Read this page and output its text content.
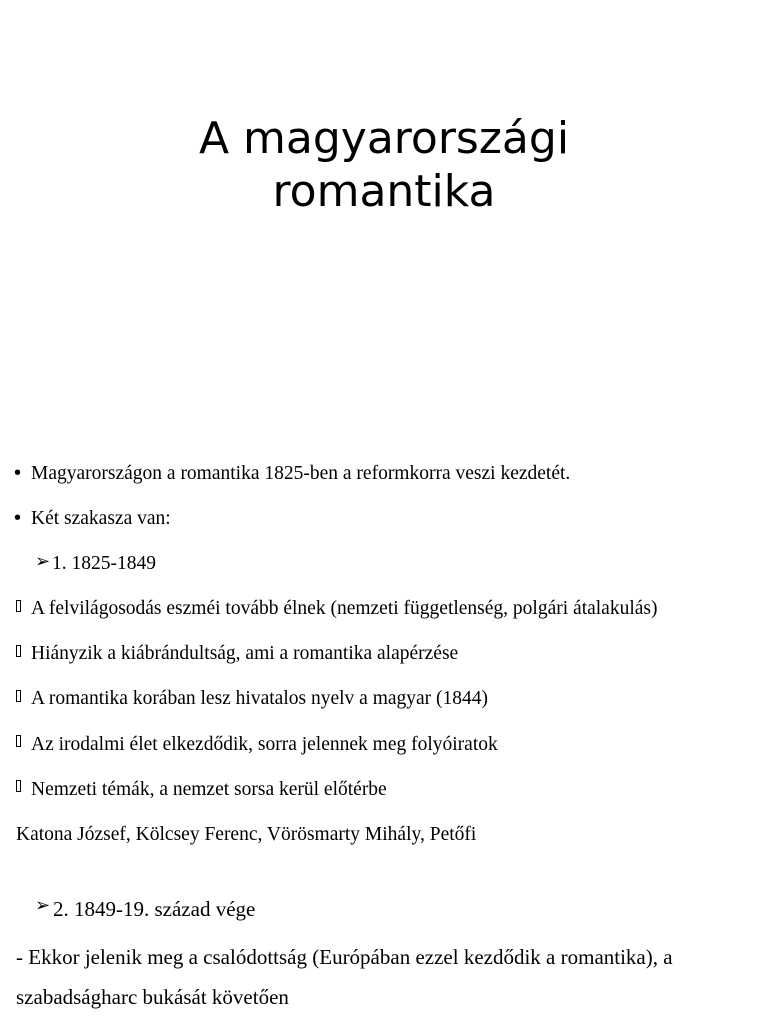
A magyarországi
romantika
• Magyarországon a romantika 1825-ben a reformkorra veszi kezdetét.
• Két szakasza van:
➢ 1. 1825-1849
A felvilágosodás eszméi tovább élnek (nemzeti függetlenség, polgári átalakulás)
Hiányzik a kiábrándultság, ami a romantika alapérzése
A romantika korában lesz hivatalos nyelv a magyar (1844)
Az irodalmi élet elkezdődik, sorra jelennek meg folyóiratok
Nemzeti témák, a nemzet sorsa kerül előtérbe
Katona József, Kölcsey Ferenc, Vörösmarty Mihály, Petőfi
➢ 2. 1849-19. század vége
- Ekkor jelenik meg a csalódottság (Európában ezzel kezdődik a romantika), a
szabadságharc bukását követően
